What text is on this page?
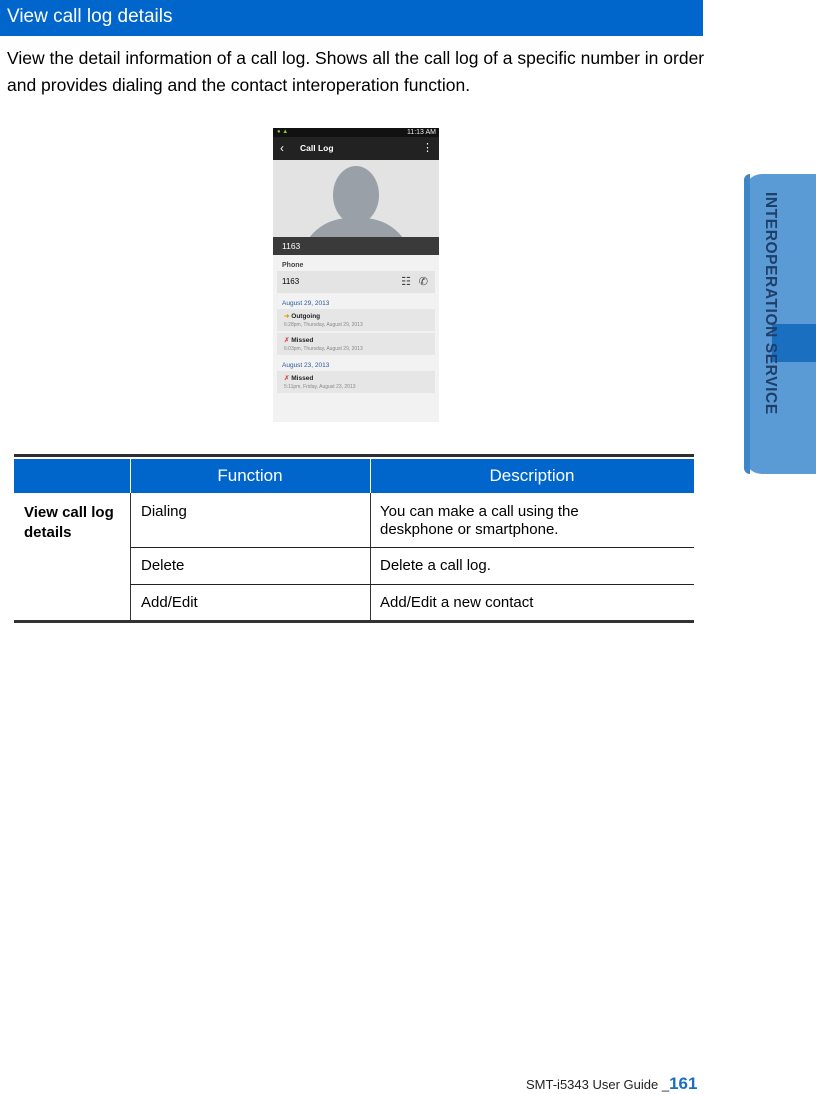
View call log details
View the detail information of a call log. Shows all the call log of a specific number in order and provides dialing and the contact interoperation function.
INTEROPERATION SERVICE
● ▲	11:13 AM
‹ Call Log	⋮
1163
Phone
1163	☷ ✆
August 29, 2013
➜ Outgoing
6:28pm, Thursday, August 29, 2013
✗ Missed
6:03pm, Thursday, August 29, 2013
August 23, 2013
✗ Missed
5:11pm, Friday, August 23, 2013
Function	Description
View call log details
Dialing	You can make a call using the deskphone or smartphone.
Delete	Delete a call log.
Add/Edit	Add/Edit a new contact
SMT-i5343 User Guide _161
